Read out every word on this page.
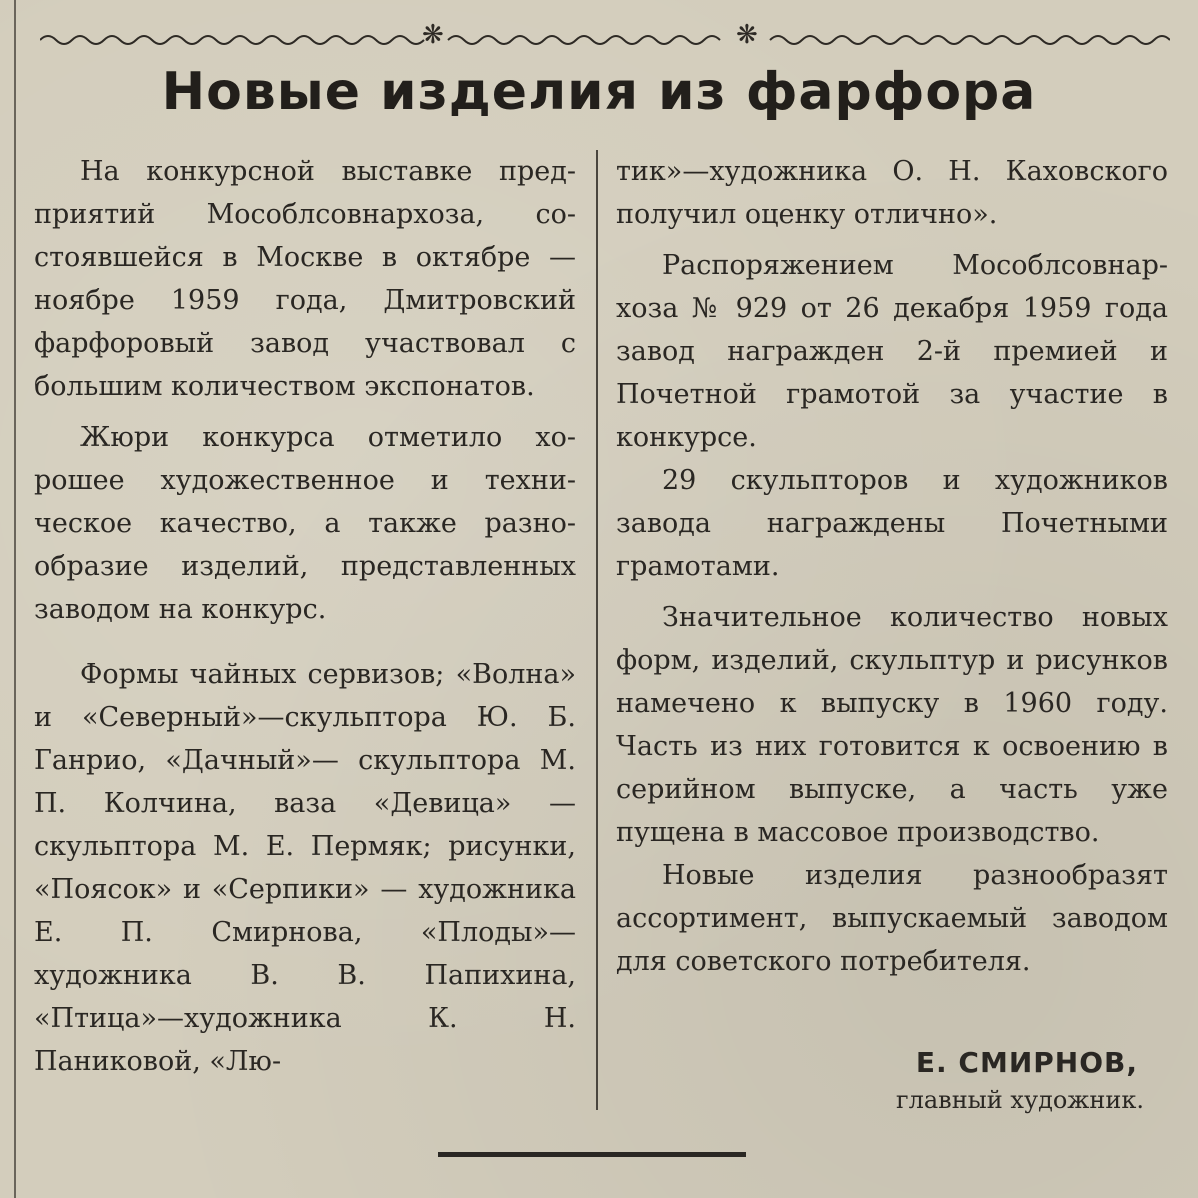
❋	❋
Новые изделия из фарфора

На конкурсной выставке предприятий Мособлсовнархоза, состоявшейся в Москве в октябре —ноябре 1959 года, Дмитровский фарфоровый завод участвовал с большим количеством экспонатов.

Жюри конкурса отметило хорошее художественное и техническое качество, а также разнообразие изделий, представленных заводом на конкурс.

Формы чайных сервизов; «Волна» и «Северный»—скульптора Ю. Б. Ганрио, «Дачный»— скульптора М. П. Колчина, ваза «Девица» — скульптора М. Е. Пермяк; рисунки, «Поясок» и «Серпики» — художника Е. П. Смирнова, «Плоды»—художника В. В. Папихина, «Птица»—художника К. Н. Паниковой, «Лю-

тик»—художника О. Н. Каховского получил оценку отлично».

Распоряжением Мособлсовнархоза № 929 от 26 декабря 1959 года завод награжден 2-й премией и Почетной грамотой за участие в конкурсе.

29 скульпторов и художников завода награждены Почетными грамотами.

Значительное количество новых форм, изделий, скульптур и рисунков намечено к выпуску в 1960 году. Часть из них готовится к освоению в серийном выпуске, а часть уже пущена в массовое производство.

Новые изделия разнообразят ассортимент, выпускаемый заводом для советского потребителя.

Е. СМИРНОВ,
главный художник.
